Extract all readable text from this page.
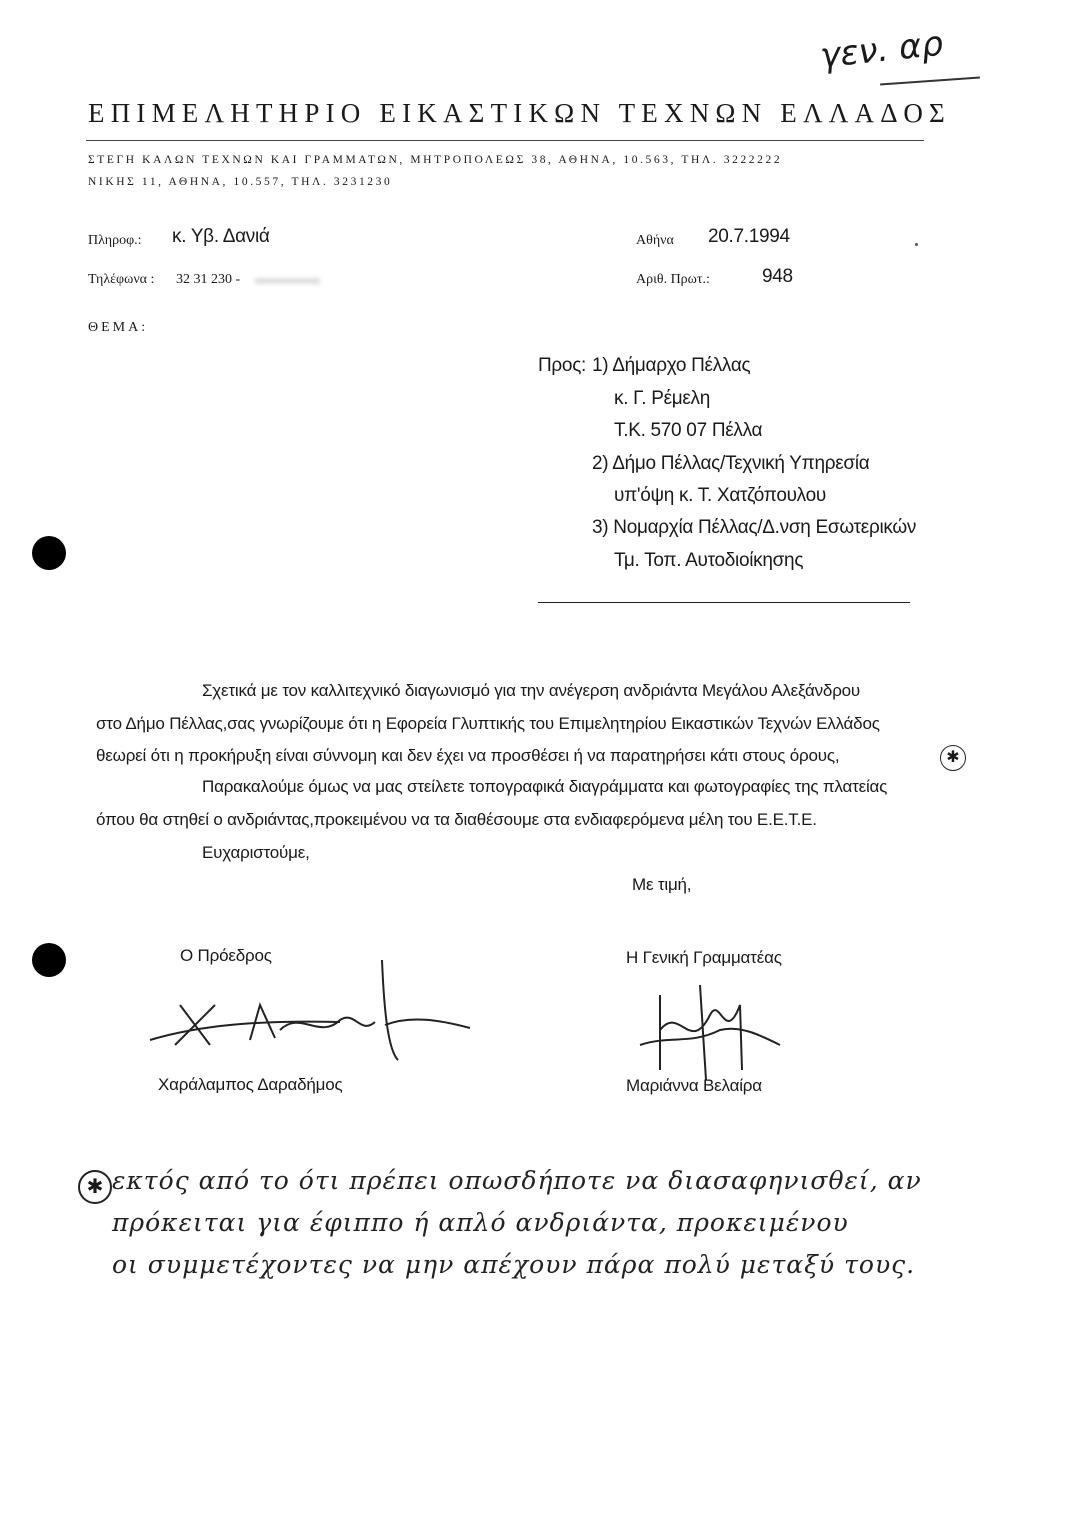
γεν. αρ
ΕΠΙΜΕΛΗΤΗΡΙΟ ΕΙΚΑΣΤΙΚΩΝ ΤΕΧΝΩΝ ΕΛΛΑΔΟΣ
ΣΤΕΓΗ ΚΑΛΩΝ ΤΕΧΝΩΝ ΚΑΙ ΓΡΑΜΜΑΤΩΝ, ΜΗΤΡΟΠΟΛΕΩΣ 38, ΑΘΗΝΑ, 10.563, ΤΗΛ. 3222222
ΝΙΚΗΣ 11, ΑΘΗΝΑ, 10.557, ΤΗΛ. 3231230
Πληροφ.: κ. Υβ. Δανιά
Τηλέφωνα : 32 31 230 -
Αθήνα 20.7.1994
Αριθ. Πρωτ.:	948
ΘΕΜΑ:
Προς: 1) Δήμαρχο Πέλλας
κ. Γ. Ρέμελη
Τ.Κ. 570 07 Πέλλα
2) Δήμο Πέλλας/Τεχνική Υπηρεσία
υπ'όψη κ. Τ. Χατζόπουλου
3) Νομαρχία Πέλλας/Δ.νση Εσωτερικών
Τμ. Τοπ. Αυτοδιοίκησης
Σχετικά με τον καλλιτεχνικό διαγωνισμό για την ανέγερση ανδριάντα Μεγάλου Αλεξάνδρου
στο Δήμο Πέλλας,σας γνωρίζουμε ότι η Εφορεία Γλυπτικής του Επιμελητηρίου Εικαστικών Τεχνών Ελλάδος
θεωρεί ότι η προκήρυξη είναι σύννομη και δεν έχει να προσθέσει ή να παρατηρήσει κάτι στους όρους,	✱
Παρακαλούμε όμως να μας στείλετε τοπογραφικά διαγράμματα και φωτογραφίες της πλατείας
όπου θα στηθεί ο ανδριάντας,προκειμένου να τα διαθέσουμε στα ενδιαφερόμενα μέλη του Ε.Ε.Τ.Ε.
Ευχαριστούμε,
Με τιμή,
Ο Πρόεδρος	Η Γενική Γραμματέας
Χαράλαμπος Δαραδήμος	Μαριάννα Βελαίρα
✱ εκτός από το ότι πρέπει οπωσδήποτε να διασαφηνισθεί, αν
πρόκειται για έφιππο ή απλό ανδριάντα, προκειμένου
οι συμμετέχοντες να μην απέχουν πάρα πολύ μεταξύ τους.
